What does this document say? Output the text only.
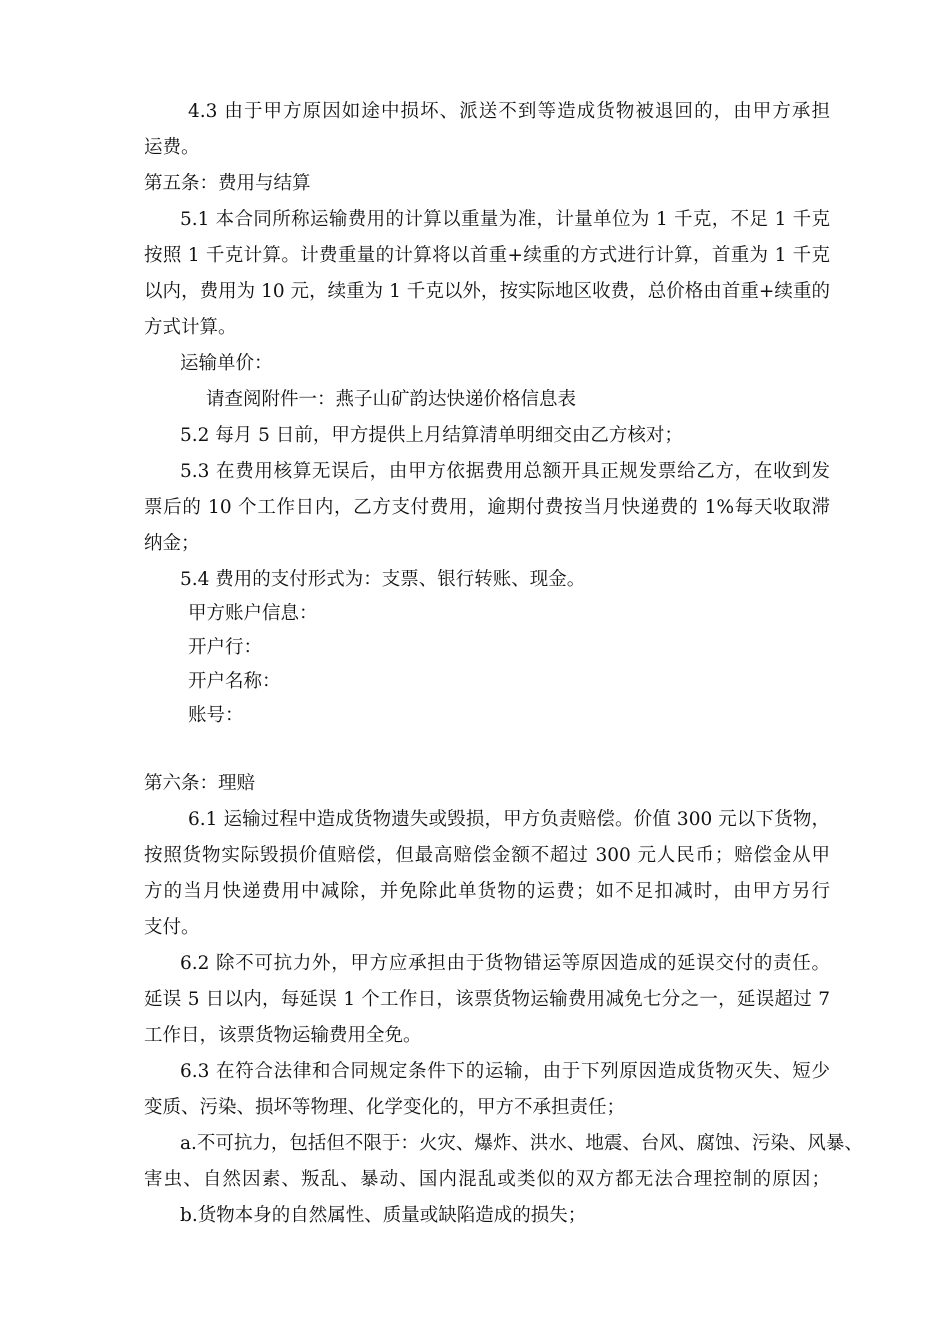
4.3 由于甲方原因如途中损坏、派送不到等造成货物被退回的，由甲方承担
运费。
第五条：费用与结算
5.1 本合同所称运输费用的计算以重量为准，计量单位为 1 千克，不足 1 千克
按照 1 千克计算。计费重量的计算将以首重+续重的方式进行计算，首重为 1 千克
以内，费用为 10 元，续重为 1 千克以外，按实际地区收费，总价格由首重+续重的
方式计算。
运输单价：
请查阅附件一：燕子山矿韵达快递价格信息表
5.2 每月 5 日前，甲方提供上月结算清单明细交由乙方核对；
5.3 在费用核算无误后，由甲方依据费用总额开具正规发票给乙方，在收到发
票后的 10 个工作日内，乙方支付费用，逾期付费按当月快递费的 1%每天收取滞
纳金；
5.4 费用的支付形式为：支票、银行转账、现金。
甲方账户信息：
开户行：
开户名称：
账号：
第六条：理赔
6.1 运输过程中造成货物遗失或毁损，甲方负责赔偿。价值 300 元以下货物，
按照货物实际毁损价值赔偿，但最高赔偿金额不超过 300 元人民币；赔偿金从甲
方的当月快递费用中减除，并免除此单货物的运费；如不足扣减时，由甲方另行
支付。
6.2 除不可抗力外，甲方应承担由于货物错运等原因造成的延误交付的责任。
延误 5 日以内，每延误 1 个工作日，该票货物运输费用减免七分之一，延误超过 7
工作日，该票货物运输费用全免。
6.3 在符合法律和合同规定条件下的运输，由于下列原因造成货物灭失、短少
变质、污染、损坏等物理、化学变化的，甲方不承担责任；
a.不可抗力，包括但不限于：火灾、爆炸、洪水、地震、台风、腐蚀、污染、风暴、
害虫、自然因素、叛乱、暴动、国内混乱或类似的双方都无法合理控制的原因；
b.货物本身的自然属性、质量或缺陷造成的损失；
